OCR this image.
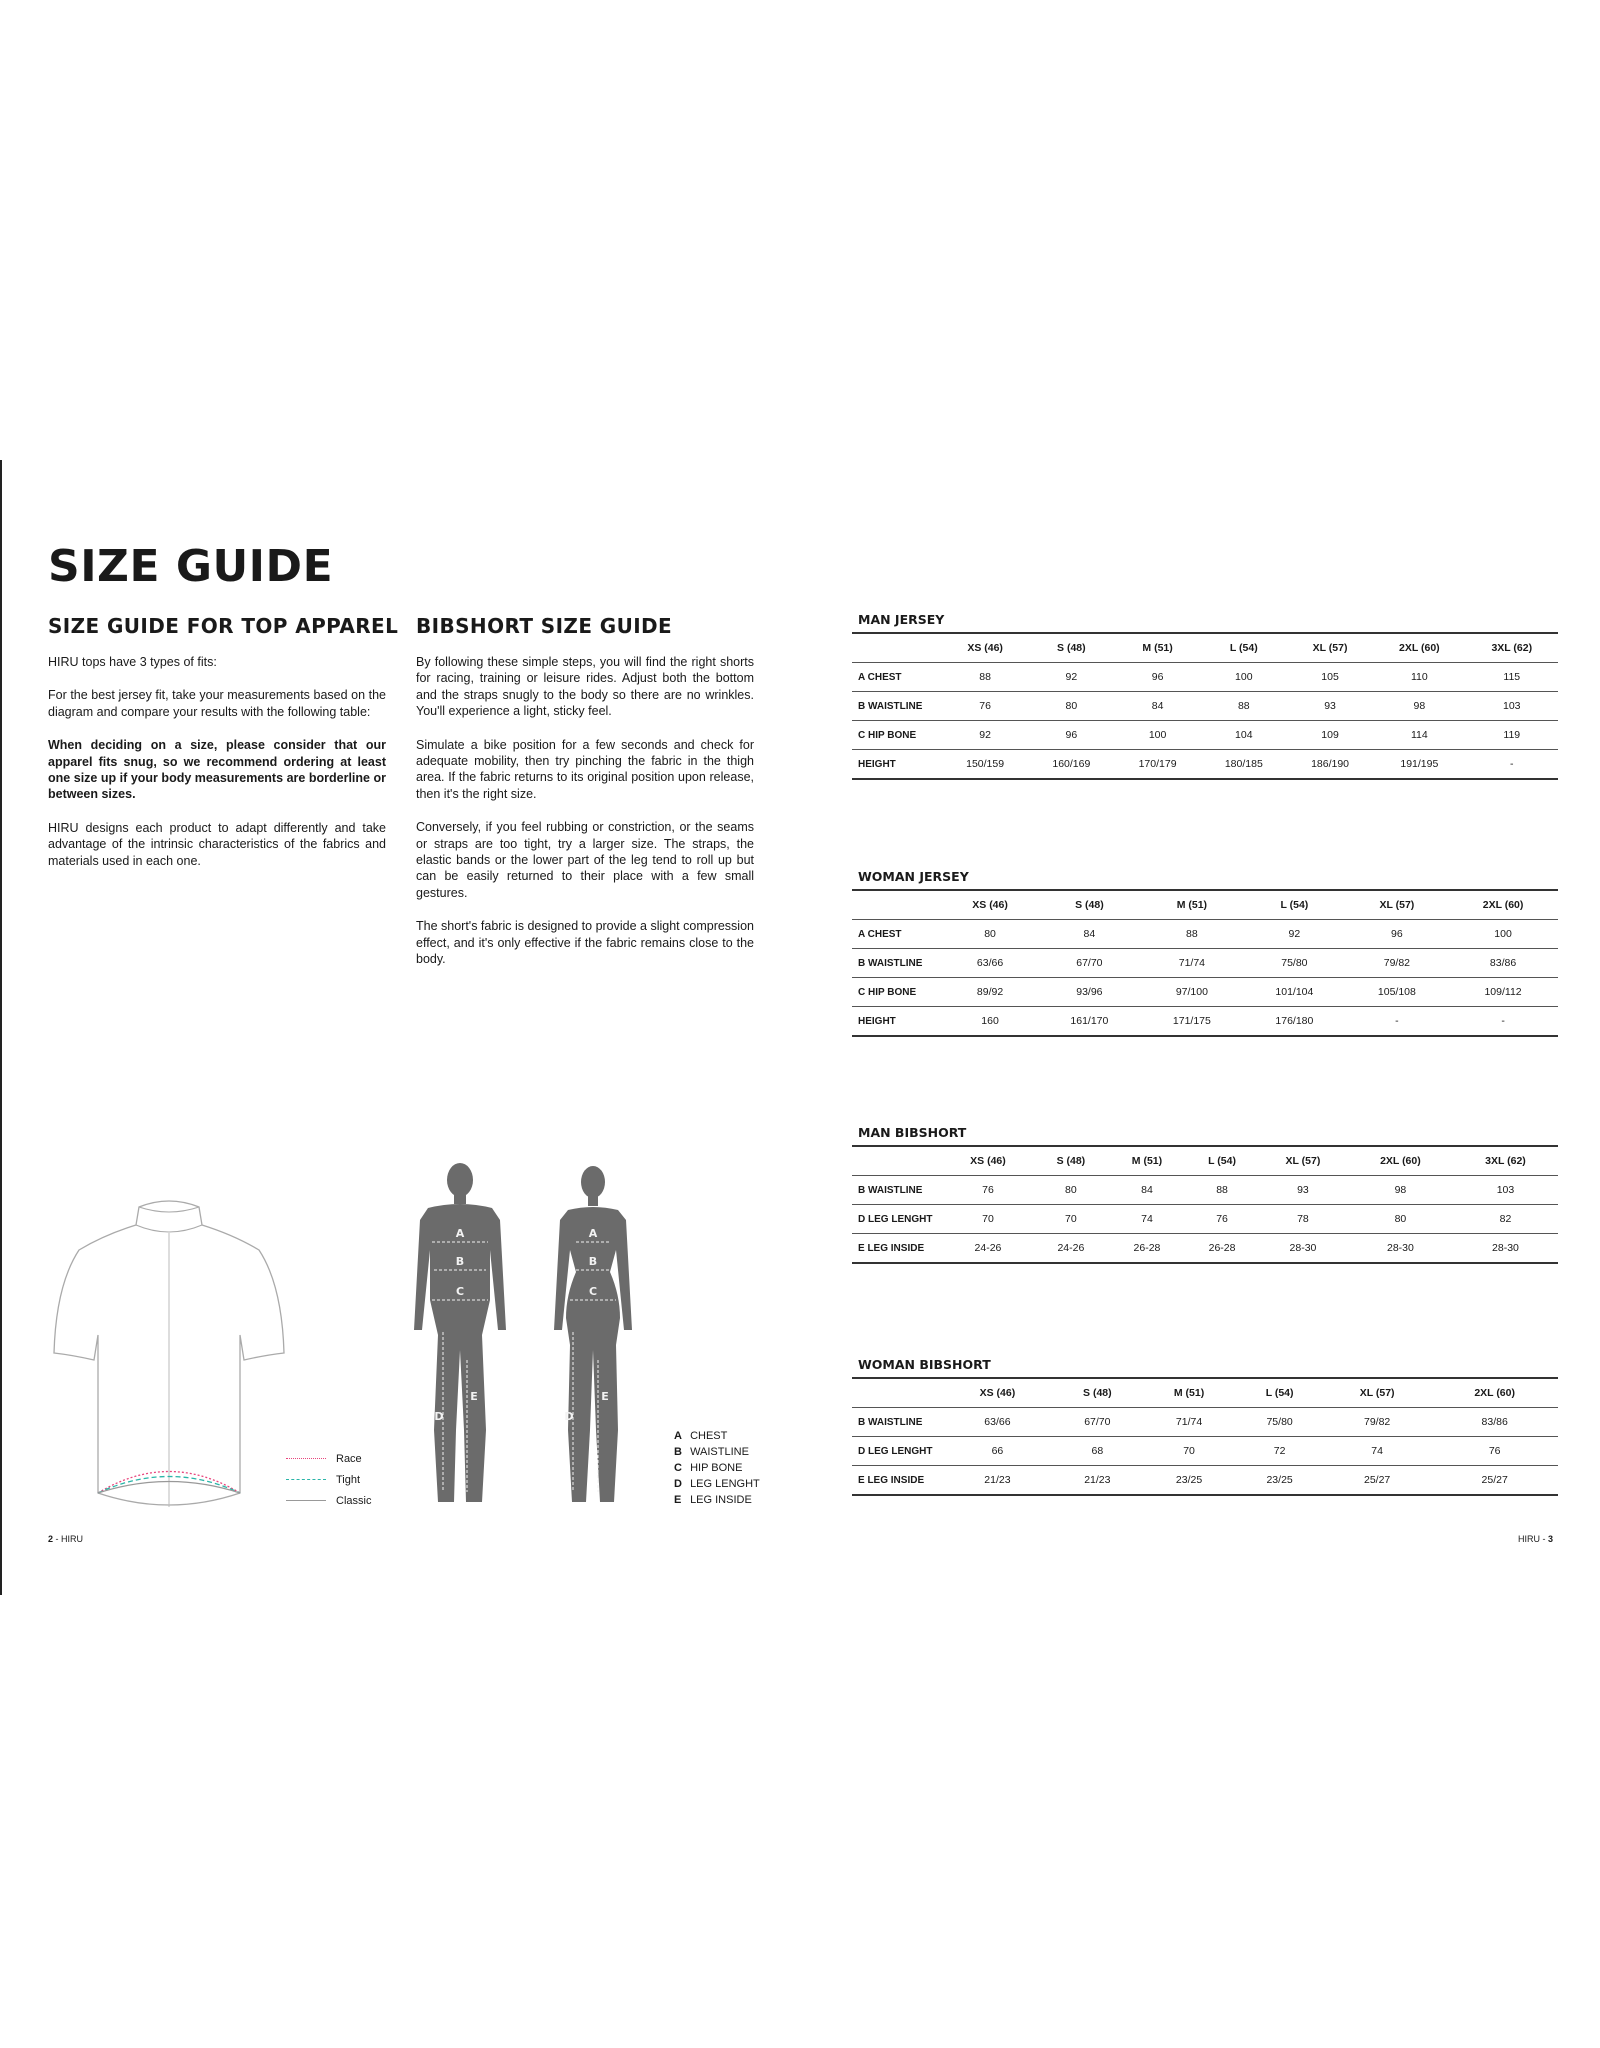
SIZE GUIDE
SIZE GUIDE FOR TOP APPAREL

HIRU tops have 3 types of fits:

For the best jersey fit, take your measurements based on the diagram and compare your results with the following table:

When deciding on a size, please consider that our apparel fits snug, so we recommend ordering at least one size up if your body measurements are borderline or between sizes.

HIRU designs each product to adapt differently and take advantage of the intrinsic characteristics of the fabrics and materials used in each one.

BIBSHORT SIZE GUIDE

By following these simple steps, you will find the right shorts for racing, training or leisure rides. Adjust both the bottom and the straps snugly to the body so there are no wrinkles. You'll experience a light, sticky feel.

Simulate a bike position for a few seconds and check for adequate mobility, then try pinching the fabric in the thigh area. If the fabric returns to its original position upon release, then it's the right size.

Conversely, if you feel rubbing or constriction, or the seams or straps are too tight, try a larger size. The straps, the elastic bands or the lower part of the leg tend to roll up but can be easily returned to their place with a few small gestures.

The short's fabric is designed to provide a slight compression effect, and it's only effective if the fabric remains close to the body.

Race
Tight
Classic
A
B
C
D
E
A
B
C
D
E
A CHEST
B WAISTLINE
C HIP BONE
D LEG LENGHT
E LEG INSIDE
MAN JERSEY
	XS (46)	S (48)	M (51)	L (54)	XL (57)	2XL (60)	3XL (62)
A CHEST	88	92	96	100	105	110	115
B WAISTLINE	76	80	84	88	93	98	103
C HIP BONE	92	96	100	104	109	114	119
HEIGHT	150/159	160/169	170/179	180/185	186/190	191/195	-
WOMAN JERSEY
	XS (46)	S (48)	M (51)	L (54)	XL (57)	2XL (60)
A CHEST	80	84	88	92	96	100
B WAISTLINE	63/66	67/70	71/74	75/80	79/82	83/86
C HIP BONE	89/92	93/96	97/100	101/104	105/108	109/112
HEIGHT	160	161/170	171/175	176/180	-	-
MAN BIBSHORT
	XS (46)	S (48)	M (51)	L (54)	XL (57)	2XL (60)	3XL (62)
B WAISTLINE	76	80	84	88	93	98	103
D LEG LENGHT	70	70	74	76	78	80	82
E LEG INSIDE	24-26	24-26	26-28	26-28	28-30	28-30	28-30
WOMAN BIBSHORT
	XS (46)	S (48)	M (51)	L (54)	XL (57)	2XL (60)
B WAISTLINE	63/66	67/70	71/74	75/80	79/82	83/86
D LEG LENGHT	66	68	70	72	74	76
E LEG INSIDE	21/23	21/23	23/25	23/25	25/27	25/27
2 - HIRU	HIRU - 3
